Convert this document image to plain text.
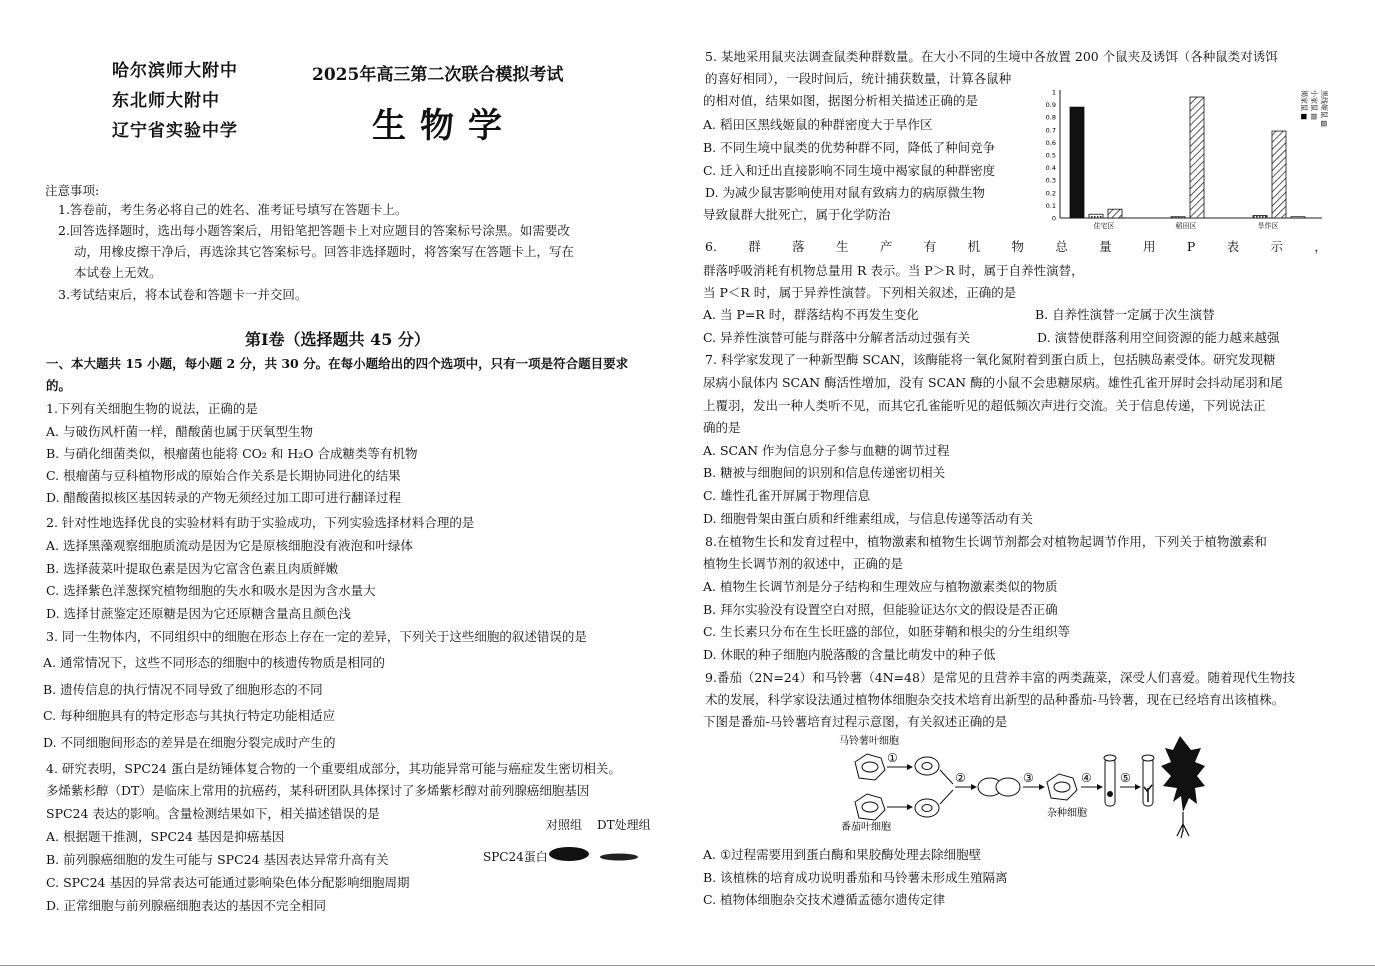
哈尔滨师大附中
东北师大附中
辽宁省实验中学
2025年高三第二次联合模拟考试
生物学
注意事项:
1.答卷前，考生务必将自己的姓名、准考证号填写在答题卡上。
2.回答选择题时，选出每小题答案后，用铅笔把答题卡上对应题目的答案标号涂黑。如需要改
动，用橡皮擦干净后，再选涂其它答案标号。回答非选择题时，将答案写在答题卡上，写在
本试卷上无效。
3.考试结束后，将本试卷和答题卡一并交回。
第Ⅰ卷（选择题共 45 分）
一、本大题共 15 小题，每小题 2 分，共 30 分。在每小题给出的四个选项中，只有一项是符合题目要求
的。
1.下列有关细胞生物的说法，正确的是
A. 与破伤风杆菌一样，醋酸菌也属于厌氧型生物
B. 与硝化细菌类似，根瘤菌也能将 CO₂ 和 H₂O 合成糖类等有机物
C. 根瘤菌与豆科植物形成的原始合作关系是长期协同进化的结果
D. 醋酸菌拟核区基因转录的产物无须经过加工即可进行翻译过程
2. 针对性地选择优良的实验材料有助于实验成功，下列实验选择材料合理的是
A. 选择黑藻观察细胞质流动是因为它是原核细胞没有液泡和叶绿体
B. 选择菠菜叶提取色素是因为它富含色素且肉质鲜嫩
C. 选择紫色洋葱探究植物细胞的失水和吸水是因为含水量大
D. 选择甘蔗鉴定还原糖是因为它还原糖含量高且颜色浅
3. 同一生物体内，不同组织中的细胞在形态上存在一定的差异，下列关于这些细胞的叙述错误的是
A. 通常情况下，这些不同形态的细胞中的核遗传物质是相同的
B. 遗传信息的执行情况不同导致了细胞形态的不同
C. 每种细胞具有的特定形态与其执行特定功能相适应
D. 不同细胞间形态的差异是在细胞分裂完成时产生的
4. 研究表明，SPC24 蛋白是纺锤体复合物的一个重要组成部分，其功能异常可能与癌症发生密切相关。
多烯紫杉醇（DT）是临床上常用的抗癌药，某科研团队具体探讨了多烯紫杉醇对前列腺癌细胞基因
SPC24 表达的影响。含量检测结果如下，相关描述错误的是
A. 根据题干推测，SPC24 基因是抑癌基因
B. 前列腺癌细胞的发生可能与 SPC24 基因表达异常升高有关
C. SPC24 基因的异常表达可能通过影响染色体分配影响细胞周期
D. 正常细胞与前列腺癌细胞表达的基因不完全相同
对照组 DT处理组
SPC24蛋白
5. 某地采用鼠夹法调查鼠类种群数量。在大小不同的生境中各放置 200 个鼠夹及诱饵（各种鼠类对诱饵
的喜好相同），一段时间后，统计捕获数量，计算各鼠种
的相对值，结果如图，据图分析相关描述正确的是
A. 稻田区黑线姬鼠的种群密度大于旱作区
B. 不同生境中鼠类的优势种群不同，降低了种间竞争
C. 迁入和迁出直接影响不同生境中褐家鼠的种群密度
D. 为减少鼠害影响使用对鼠有致病力的病原微生物
导致鼠群大批死亡，属于化学防治	0
0.1
0.2
0.3
0.4
0.5
0.6
0.7
0.8
0.9
1
住宅区	稻田区	旱作区
褐家鼠 ■ 小家鼠 ▤ 黑线姬鼠 ▨
6.	群	落	生	产	有	机	物	总	量	用	P	表	示	，
群落呼吸消耗有机物总量用 R 表示。当 P＞R 时，属于自养性演替，
当 P＜R 时，属于异养性演替。下列相关叙述，正确的是
A. 当 P=R 时，群落结构不再发生变化	B. 自养性演替一定属于次生演替
C. 异养性演替可能与群落中分解者活动过强有关	D. 演替使群落利用空间资源的能力越来越强
7. 科学家发现了一种新型酶 SCAN，该酶能将一氧化氮附着到蛋白质上，包括胰岛素受体。研究发现糖
尿病小鼠体内 SCAN 酶活性增加，没有 SCAN 酶的小鼠不会患糖尿病。雄性孔雀开屏时会抖动尾羽和尾
上覆羽，发出一种人类听不见，而其它孔雀能听见的超低频次声进行交流。关于信息传递，下列说法正
确的是
A. SCAN 作为信息分子参与血糖的调节过程
B. 糖被与细胞间的识别和信息传递密切相关
C. 雄性孔雀开屏属于物理信息
D. 细胞骨架由蛋白质和纤维素组成，与信息传递等活动有关
8.在植物生长和发育过程中，植物激素和植物生长调节剂都会对植物起调节作用，下列关于植物激素和
植物生长调节剂的叙述中，正确的是
A. 植物生长调节剂是分子结构和生理效应与植物激素类似的物质
B. 拜尔实验没有设置空白对照，但能验证达尔文的假设是否正确
C. 生长素只分布在生长旺盛的部位，如胚芽鞘和根尖的分生组织等
D. 休眠的种子细胞内脱落酸的含量比萌发中的种子低
9.番茄（2N=24）和马铃薯（4N=48）是常见的且营养丰富的两类蔬菜，深受人们喜爱。随着现代生物技
术的发展，科学家设法通过植物体细胞杂交技术培育出新型的品种番茄-马铃薯，现在已经培育出该植株。
下图是番茄-马铃薯培育过程示意图，有关叙述正确的是
马铃薯叶细胞
番茄叶细胞
①
②	③
杂种细胞
④ ⑤
A. ①过程需要用到蛋白酶和果胶酶处理去除细胞壁
B. 该植株的培育成功说明番茄和马铃薯未形成生殖隔离
C. 植物体细胞杂交技术遵循孟德尔遗传定律
